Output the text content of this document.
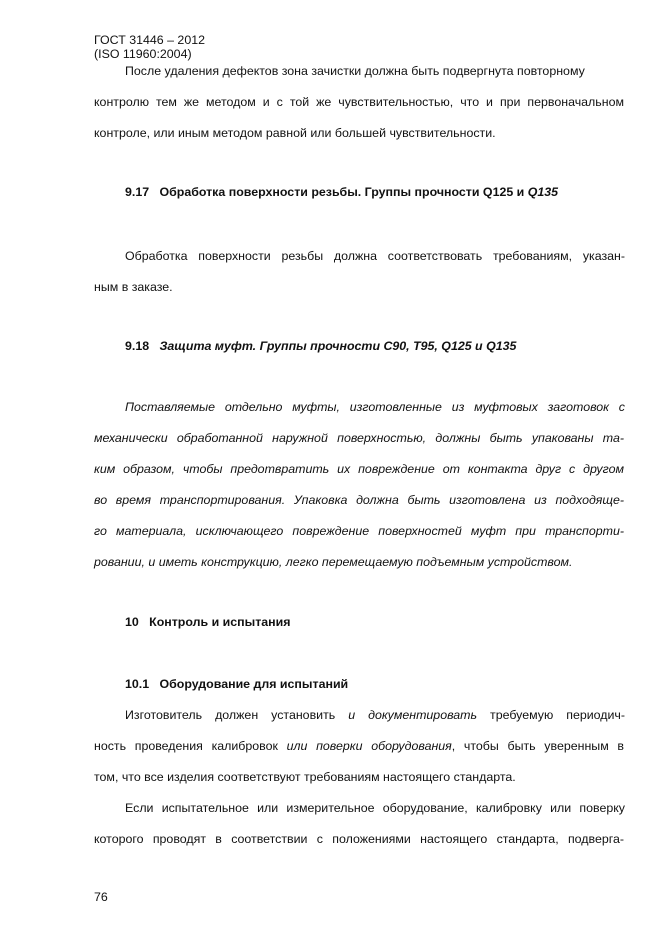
ГОСТ 31446 – 2012
(ISO 11960:2004)
После удаления дефектов зона зачистки должна быть подвергнута повторному
контролю тем же методом и с той же чувствительностью, что и при первоначальном
контроле, или иным методом равной или большей чувствительности.
9.17 Обработка поверхности резьбы. Группы прочности Q125 и Q135
Обработка поверхности резьбы должна соответствовать требованиям, указан-
ным в заказе.
9.18 Защита муфт. Группы прочности С90, Т95, Q125 и Q135
Поставляемые отдельно муфты, изготовленные из муфтовых заготовок с
механически обработанной наружной поверхностью, должны быть упакованы та-
ким образом, чтобы предотвратить их повреждение от контакта друг с другом
во время транспортирования. Упаковка должна быть изготовлена из подходяще-
го материала, исключающего повреждение поверхностей муфт при транспорти-
ровании, и иметь конструкцию, легко перемещаемую подъемным устройством.
10 Контроль и испытания
10.1 Оборудование для испытаний
Изготовитель должен установить и документировать требуемую периодич-
ность проведения калибровок или поверки оборудования, чтобы быть уверенным в
том, что все изделия соответствуют требованиям настоящего стандарта.
Если испытательное или измерительное оборудование, калибровку или поверку
которого проводят в соответствии с положениями настоящего стандарта, подверга-
76
